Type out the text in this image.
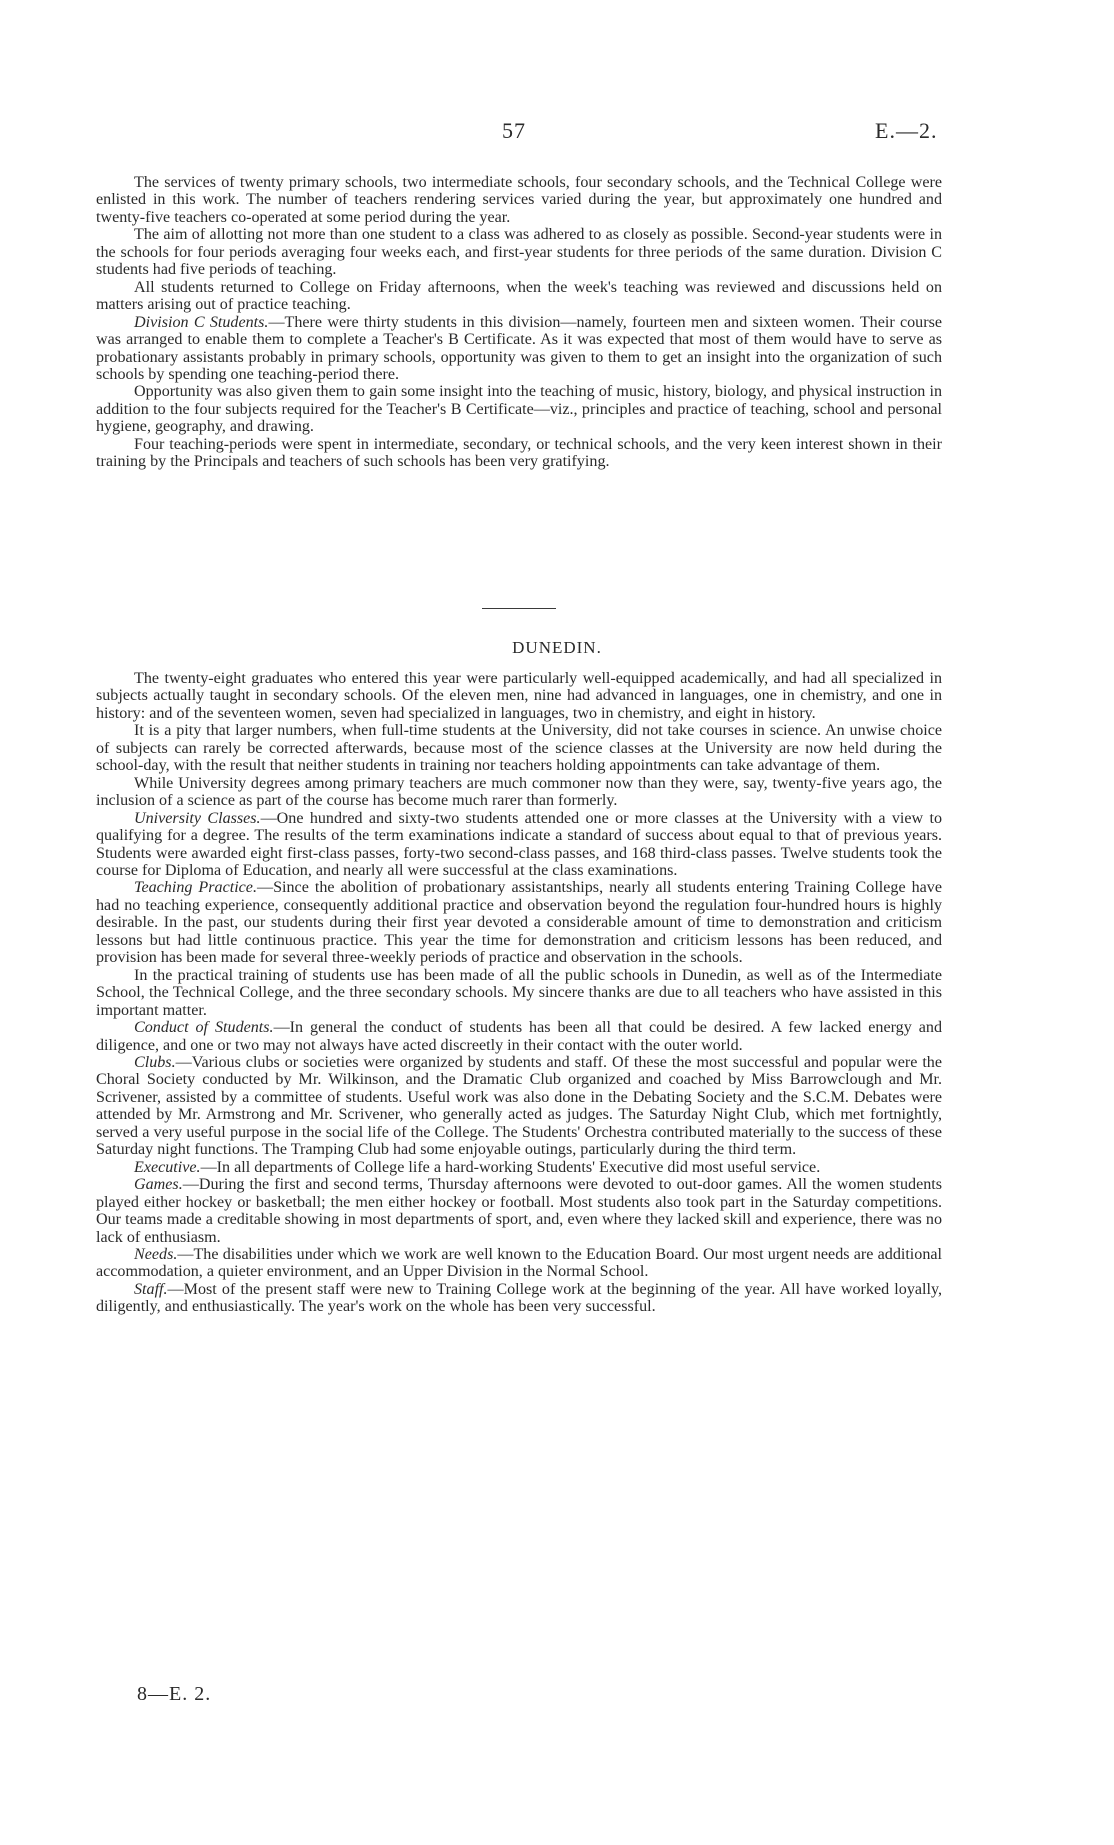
57	E.—2.

The services of twenty primary schools, two intermediate schools, four secondary schools, and the Technical College were enlisted in this work. The number of teachers rendering services varied during the year, but approximately one hundred and twenty-five teachers co-operated at some period during the year.

The aim of allotting not more than one student to a class was adhered to as closely as possible. Second-year students were in the schools for four periods averaging four weeks each, and first-year students for three periods of the same duration. Division C students had five periods of teaching.

All students returned to College on Friday afternoons, when the week's teaching was reviewed and discussions held on matters arising out of practice teaching.

Division C Students.—There were thirty students in this division—namely, fourteen men and sixteen women. Their course was arranged to enable them to complete a Teacher's B Certificate. As it was expected that most of them would have to serve as probationary assistants probably in primary schools, opportunity was given to them to get an insight into the organization of such schools by spending one teaching-period there.

Opportunity was also given them to gain some insight into the teaching of music, history, biology, and physical instruction in addition to the four subjects required for the Teacher's B Certificate—viz., principles and practice of teaching, school and personal hygiene, geography, and drawing.

Four teaching-periods were spent in intermediate, secondary, or technical schools, and the very keen interest shown in their training by the Principals and teachers of such schools has been very gratifying.

DUNEDIN.

The twenty-eight graduates who entered this year were particularly well-equipped academically, and had all specialized in subjects actually taught in secondary schools. Of the eleven men, nine had advanced in languages, one in chemistry, and one in history: and of the seventeen women, seven had specialized in languages, two in chemistry, and eight in history.

It is a pity that larger numbers, when full-time students at the University, did not take courses in science. An unwise choice of subjects can rarely be corrected afterwards, because most of the science classes at the University are now held during the school-day, with the result that neither students in training nor teachers holding appointments can take advantage of them.

While University degrees among primary teachers are much commoner now than they were, say, twenty-five years ago, the inclusion of a science as part of the course has become much rarer than formerly.

University Classes.—One hundred and sixty-two students attended one or more classes at the University with a view to qualifying for a degree. The results of the term examinations indicate a standard of success about equal to that of previous years. Students were awarded eight first-class passes, forty-two second-class passes, and 168 third-class passes. Twelve students took the course for Diploma of Education, and nearly all were successful at the class examinations.

Teaching Practice.—Since the abolition of probationary assistantships, nearly all students entering Training College have had no teaching experience, consequently additional practice and observation beyond the regulation four-hundred hours is highly desirable. In the past, our students during their first year devoted a considerable amount of time to demonstration and criticism lessons but had little continuous practice. This year the time for demonstration and criticism lessons has been reduced, and provision has been made for several three-weekly periods of practice and observation in the schools.

In the practical training of students use has been made of all the public schools in Dunedin, as well as of the Intermediate School, the Technical College, and the three secondary schools. My sincere thanks are due to all teachers who have assisted in this important matter.

Conduct of Students.—In general the conduct of students has been all that could be desired. A few lacked energy and diligence, and one or two may not always have acted discreetly in their contact with the outer world.

Clubs.—Various clubs or societies were organized by students and staff. Of these the most successful and popular were the Choral Society conducted by Mr. Wilkinson, and the Dramatic Club organized and coached by Miss Barrowclough and Mr. Scrivener, assisted by a committee of students. Useful work was also done in the Debating Society and the S.C.M. Debates were attended by Mr. Armstrong and Mr. Scrivener, who generally acted as judges. The Saturday Night Club, which met fortnightly, served a very useful purpose in the social life of the College. The Students' Orchestra contributed materially to the success of these Saturday night functions. The Tramping Club had some enjoyable outings, particularly during the third term.

Executive.—In all departments of College life a hard-working Students' Executive did most useful service.

Games.—During the first and second terms, Thursday afternoons were devoted to out-door games. All the women students played either hockey or basketball; the men either hockey or football. Most students also took part in the Saturday competitions. Our teams made a creditable showing in most departments of sport, and, even where they lacked skill and experience, there was no lack of enthusiasm.

Needs.—The disabilities under which we work are well known to the Education Board. Our most urgent needs are additional accommodation, a quieter environment, and an Upper Division in the Normal School.

Staff.—Most of the present staff were new to Training College work at the beginning of the year. All have worked loyally, diligently, and enthusiastically. The year's work on the whole has been very successful.

8—E. 2.
